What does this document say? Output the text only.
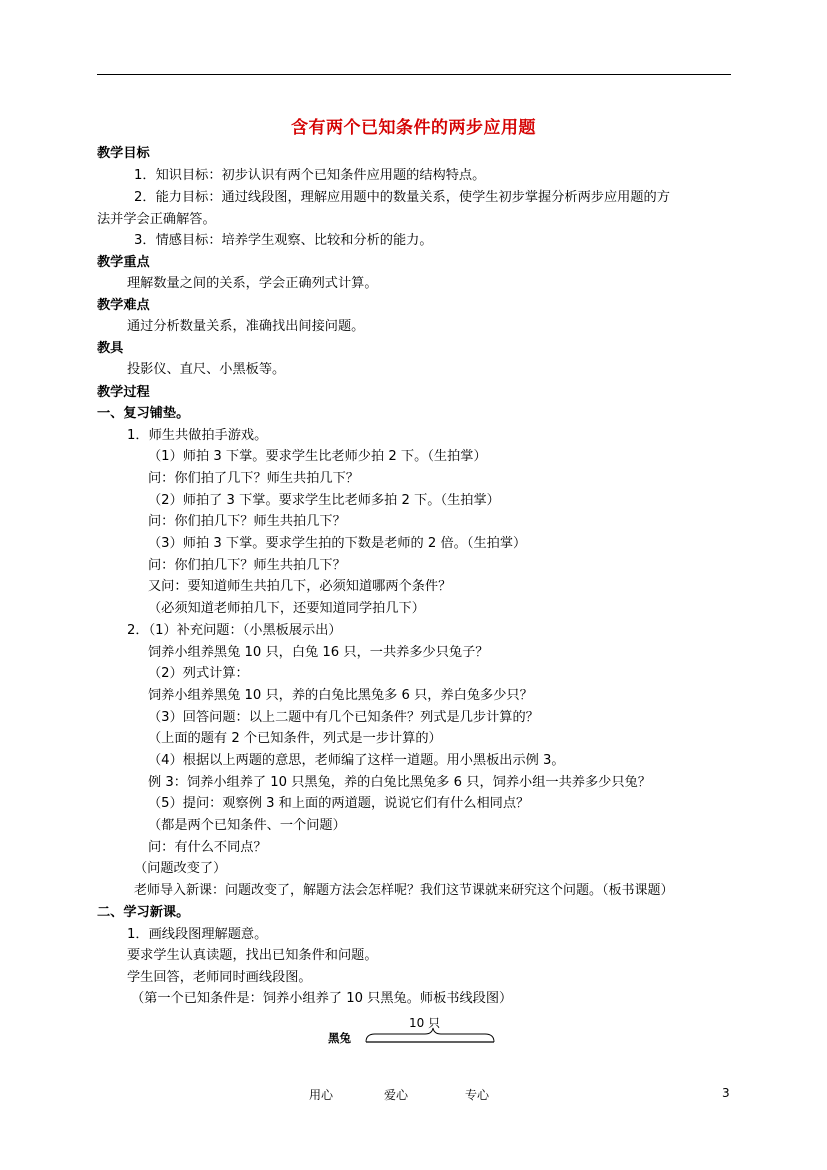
含有两个已知条件的两步应用题
教学目标
1．知识目标：初步认识有两个已知条件应用题的结构特点。
2．能力目标：通过线段图，理解应用题中的数量关系，使学生初步掌握分析两步应用题的方
法并学会正确解答。
3．情感目标：培养学生观察、比较和分析的能力。
教学重点
理解数量之间的关系，学会正确列式计算。
教学难点
通过分析数量关系，准确找出间接问题。
教具
投影仪、直尺、小黑板等。
教学过程
一、复习铺垫。
1．师生共做拍手游戏。
（1）师拍 3 下掌。要求学生比老师少拍 2 下。（生拍掌）
问：你们拍了几下？师生共拍几下？
（2）师拍了 3 下掌。要求学生比老师多拍 2 下。（生拍掌）
问：你们拍几下？师生共拍几下？
（3）师拍 3 下掌。要求学生拍的下数是老师的 2 倍。（生拍掌）
问：你们拍几下？师生共拍几下？
又问：要知道师生共拍几下，必须知道哪两个条件？
（必须知道老师拍几下，还要知道同学拍几下）
2．（1）补充问题：（小黑板展示出）
饲养小组养黑兔 10 只，白兔 16 只，一共养多少只兔子？
（2）列式计算：
饲养小组养黑兔 10 只，养的白兔比黑兔多 6 只，养白兔多少只？
（3）回答问题：以上二题中有几个已知条件？列式是几步计算的？
（上面的题有 2 个已知条件，列式是一步计算的）
（4）根据以上两题的意思，老师编了这样一道题。用小黑板出示例 3。
例 3：饲养小组养了 10 只黑兔，养的白兔比黑兔多 6 只，饲养小组一共养多少只兔？
（5）提问：观察例 3 和上面的两道题，说说它们有什么相同点？
（都是两个已知条件、一个问题）
问：有什么不同点？
（问题改变了）
老师导入新课：问题改变了，解题方法会怎样呢？我们这节课就来研究这个问题。（板书课题）
二、学习新课。
1．画线段图理解题意。
要求学生认真读题，找出已知条件和问题。
学生回答，老师同时画线段图。
（第一个已知条件是：饲养小组养了 10 只黑兔。师板书线段图）
黑兔
10 只
用心	爱心	专心	3
